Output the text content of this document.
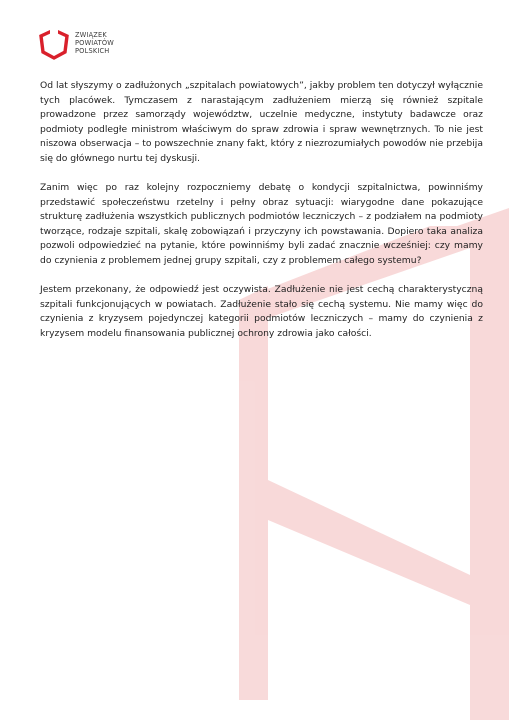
ZWIĄZEK
POWIATÓW
POLSKICH

Od lat słyszymy o zadłużonych „szpitalach powiatowych”, jakby problem ten dotyczył wyłącznie tych placówek. Tymczasem z narastającym zadłużeniem mierzą się również szpitale prowadzone przez samorządy województw, uczelnie medyczne, instytuty badawcze oraz podmioty podległe ministrom właściwym do spraw zdrowia i spraw wewnętrznych. To nie jest niszowa obserwacja – to powszechnie znany fakt, który z niezrozumiałych powodów nie przebija się do głównego nurtu tej dyskusji.

Zanim więc po raz kolejny rozpoczniemy debatę o kondycji szpitalnictwa, powinniśmy przedstawić społeczeństwu rzetelny i pełny obraz sytuacji: wiarygodne dane pokazujące strukturę zadłużenia wszystkich publicznych podmiotów leczniczych – z podziałem na podmioty tworzące, rodzaje szpitali, skalę zobowiązań i przyczyny ich powstawania. Dopiero taka analiza pozwoli odpowiedzieć na pytanie, które powinniśmy byli zadać znacznie wcześniej: czy mamy do czynienia z problemem jednej grupy szpitali, czy z problemem całego systemu?

Jestem przekonany, że odpowiedź jest oczywista. Zadłużenie nie jest cechą charakterystyczną szpitali funkcjonujących w powiatach. Zadłużenie stało się cechą systemu. Nie mamy więc do czynienia z kryzysem pojedynczej kategorii podmiotów leczniczych – mamy do czynienia z kryzysem modelu finansowania publicznej ochrony zdrowia jako całości.
